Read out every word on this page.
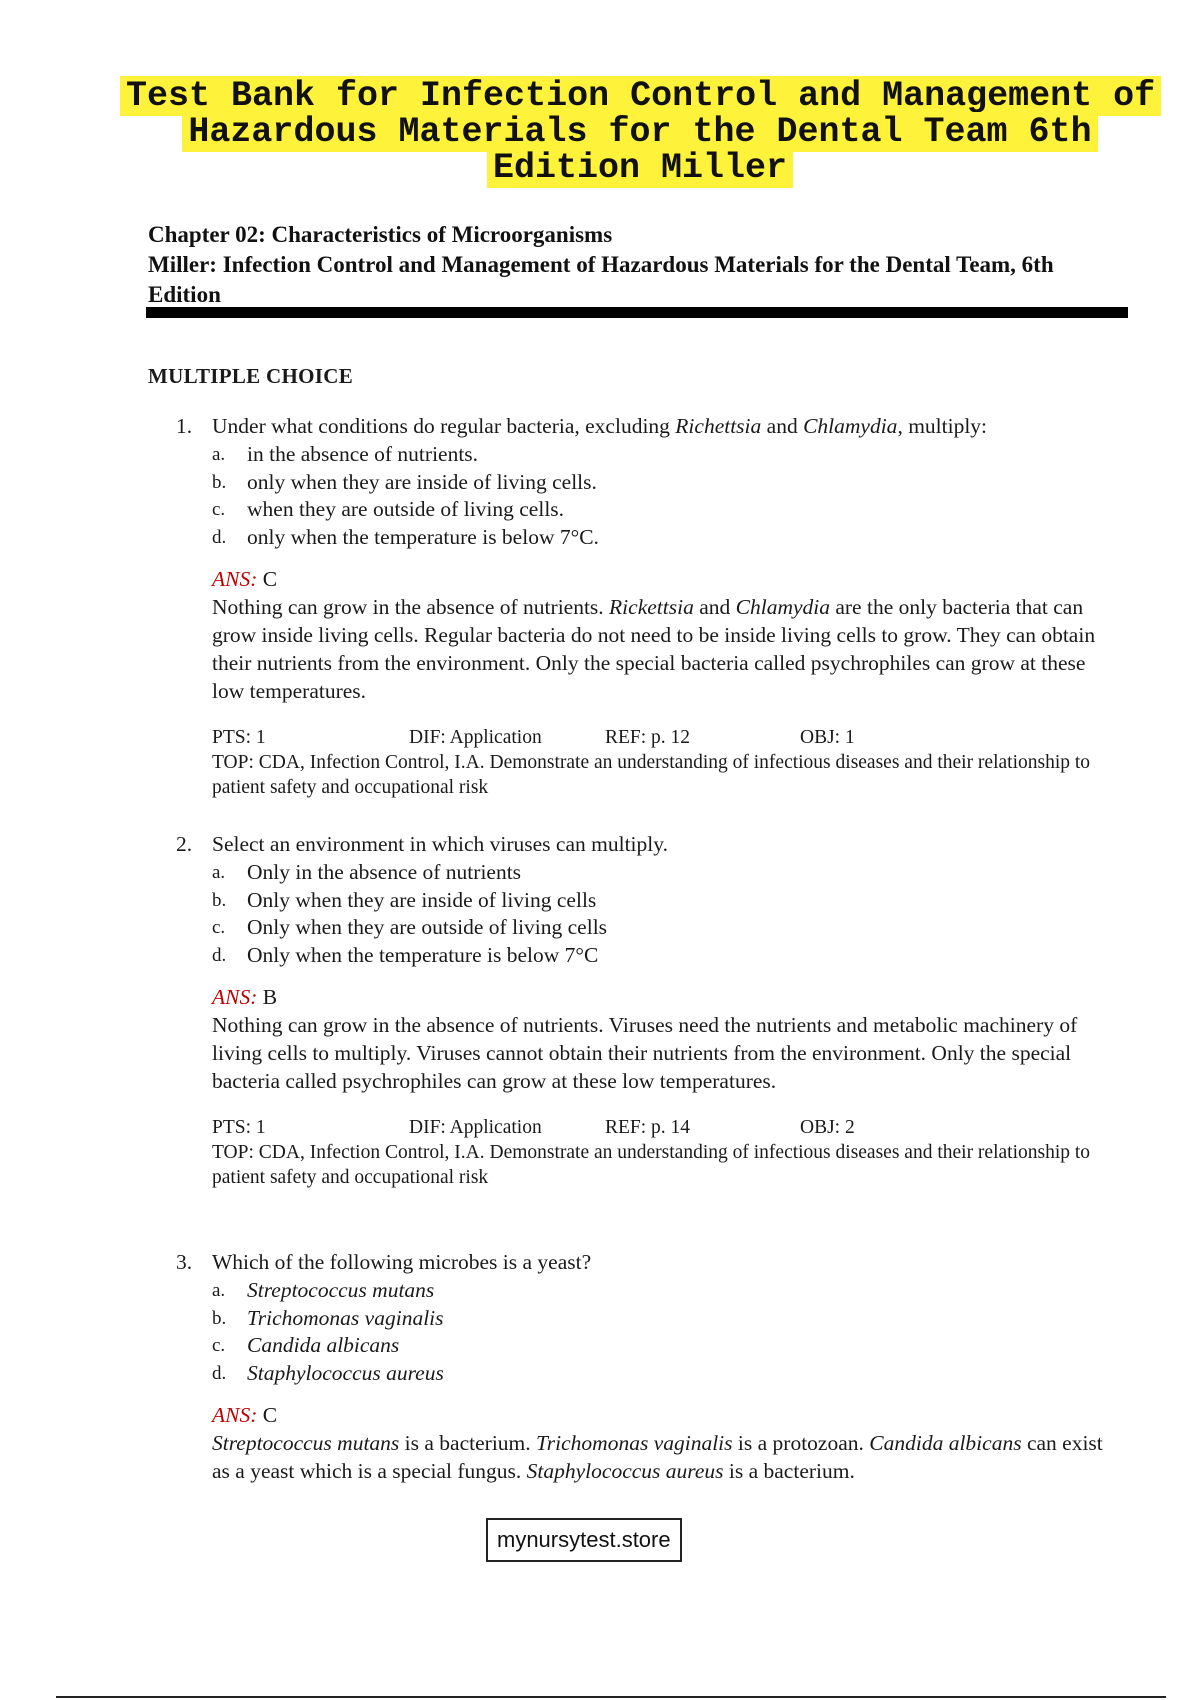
Test Bank for Infection Control and Management of Hazardous Materials for the Dental Team 6th Edition Miller
Chapter 02: Characteristics of Microorganisms
Miller: Infection Control and Management of Hazardous Materials for the Dental Team, 6th Edition
MULTIPLE CHOICE
1. Under what conditions do regular bacteria, excluding Richettsia and Chlamydia, multiply:
a.	in the absence of nutrients.
b. only when they are inside of living cells.
c.	when they are outside of living cells.
d. only when the temperature is below 7°C.
ANS: C
Nothing can grow in the absence of nutrients. Rickettsia and Chlamydia are the only bacteria that can grow inside living cells. Regular bacteria do not need to be inside living cells to grow. They can obtain their nutrients from the environment. Only the special bacteria called psychrophiles can grow at these low temperatures.
PTS: 1	DIF: Application	REF: p. 12	OBJ: 1
TOP: CDA, Infection Control, I.A. Demonstrate an understanding of infectious diseases and their relationship to patient safety and occupational risk
2. Select an environment in which viruses can multiply.
a.	Only in the absence of nutrients
b. Only when they are inside of living cells
c.	Only when they are outside of living cells
d. Only when the temperature is below 7°C
ANS: B
Nothing can grow in the absence of nutrients. Viruses need the nutrients and metabolic machinery of living cells to multiply. Viruses cannot obtain their nutrients from the environment. Only the special bacteria called psychrophiles can grow at these low temperatures.
PTS: 1	DIF: Application	REF: p. 14	OBJ: 2
TOP: CDA, Infection Control, I.A. Demonstrate an understanding of infectious diseases and their relationship to patient safety and occupational risk
3. Which of the following microbes is a yeast?
a.	Streptococcus mutans
b. Trichomonas vaginalis
c.	Candida albicans
d. Staphylococcus aureus
ANS: C
Streptococcus mutans is a bacterium. Trichomonas vaginalis is a protozoan. Candida albicans can exist as a yeast which is a special fungus. Staphylococcus aureus is a bacterium.
mynursytest.store
